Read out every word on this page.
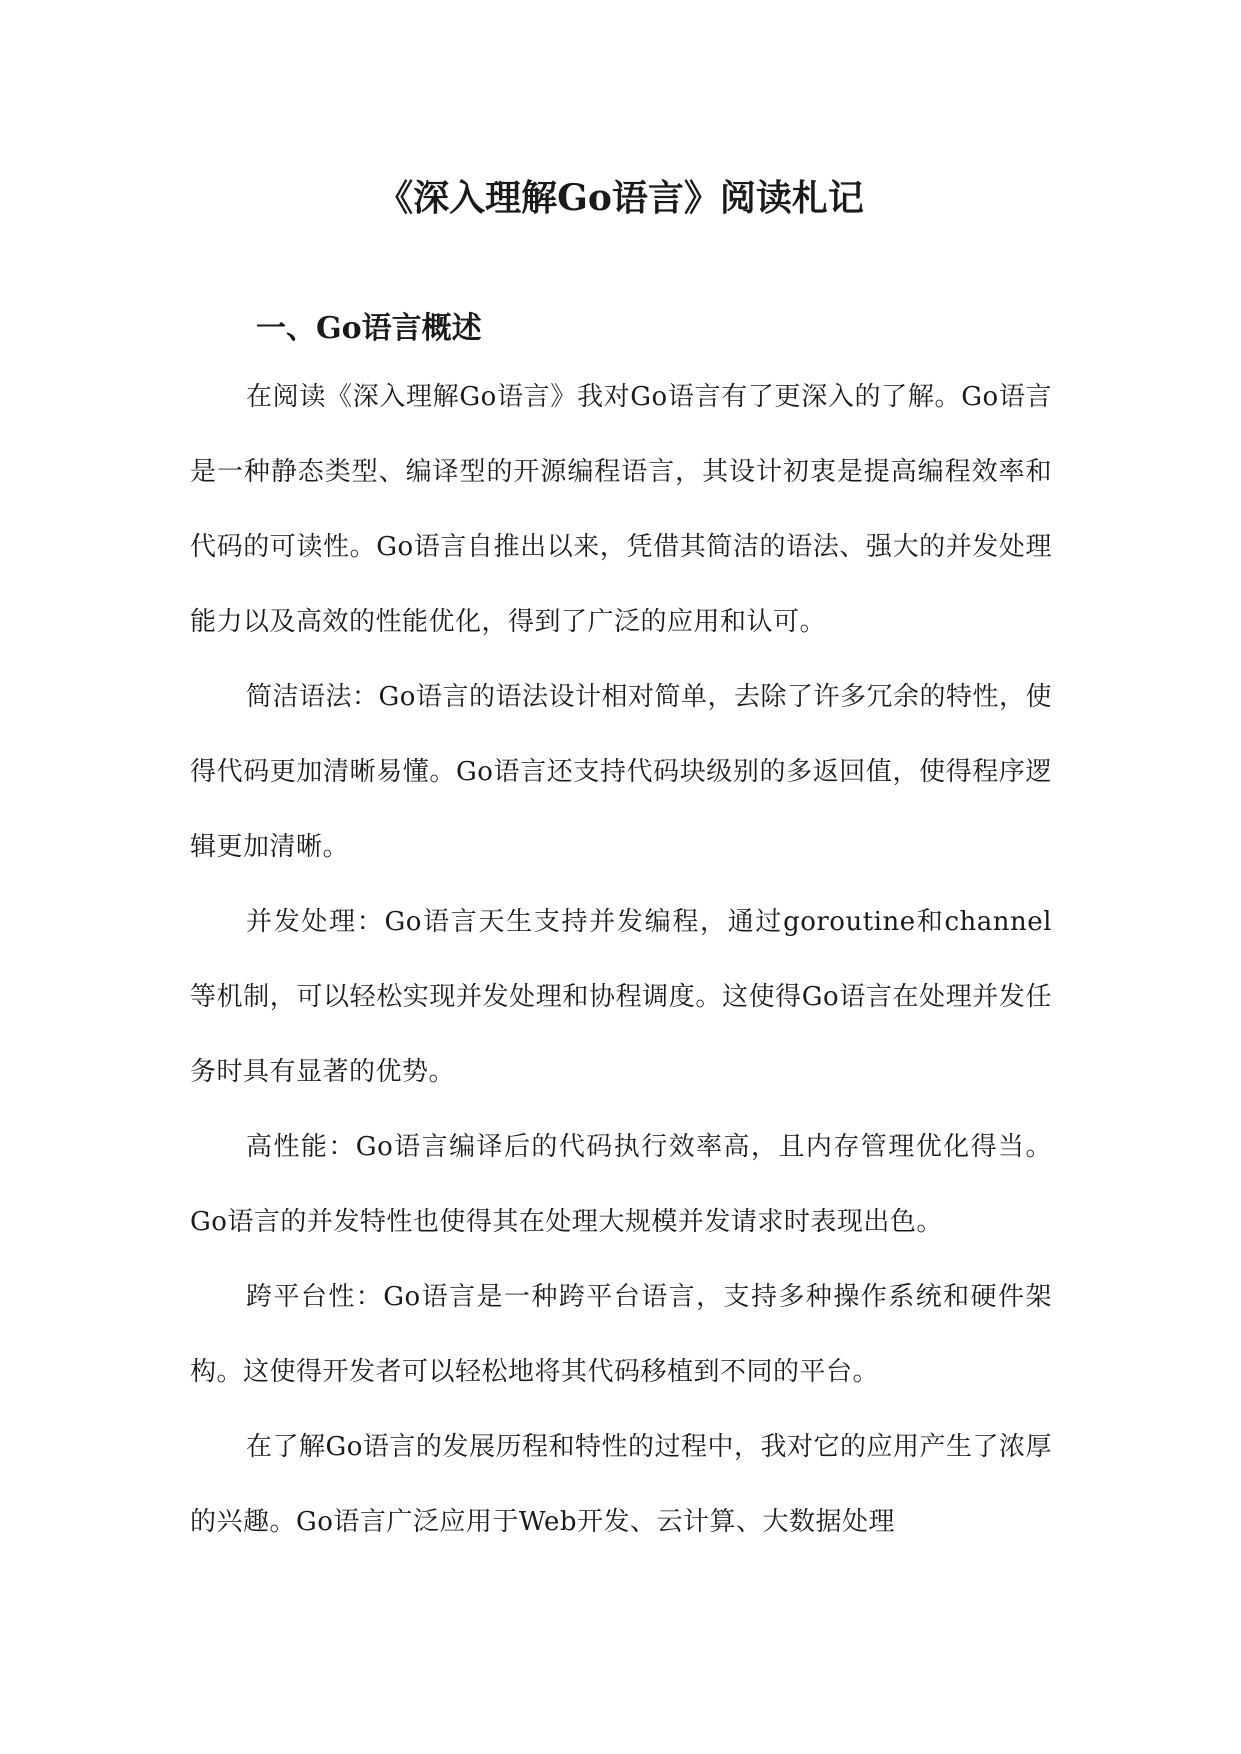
《深入理解Go语言》阅读札记
一、Go语言概述

在阅读《深入理解Go语言》我对Go语言有了更深入的了解。Go语言是一种静态类型、编译型的开源编程语言，其设计初衷是提高编程效率和代码的可读性。Go语言自推出以来，凭借其简洁的语法、强大的并发处理能力以及高效的性能优化，得到了广泛的应用和认可。

简洁语法：Go语言的语法设计相对简单，去除了许多冗余的特性，使得代码更加清晰易懂。Go语言还支持代码块级别的多返回值，使得程序逻辑更加清晰。

并发处理：Go语言天生支持并发编程，通过goroutine和channel等机制，可以轻松实现并发处理和协程调度。这使得Go语言在处理并发任务时具有显著的优势。

高性能：Go语言编译后的代码执行效率高，且内存管理优化得当。Go语言的并发特性也使得其在处理大规模并发请求时表现出色。

跨平台性：Go语言是一种跨平台语言，支持多种操作系统和硬件架构。这使得开发者可以轻松地将其代码移植到不同的平台。

在了解Go语言的发展历程和特性的过程中，我对它的应用产生了浓厚的兴趣。Go语言广泛应用于Web开发、云计算、大数据处理
